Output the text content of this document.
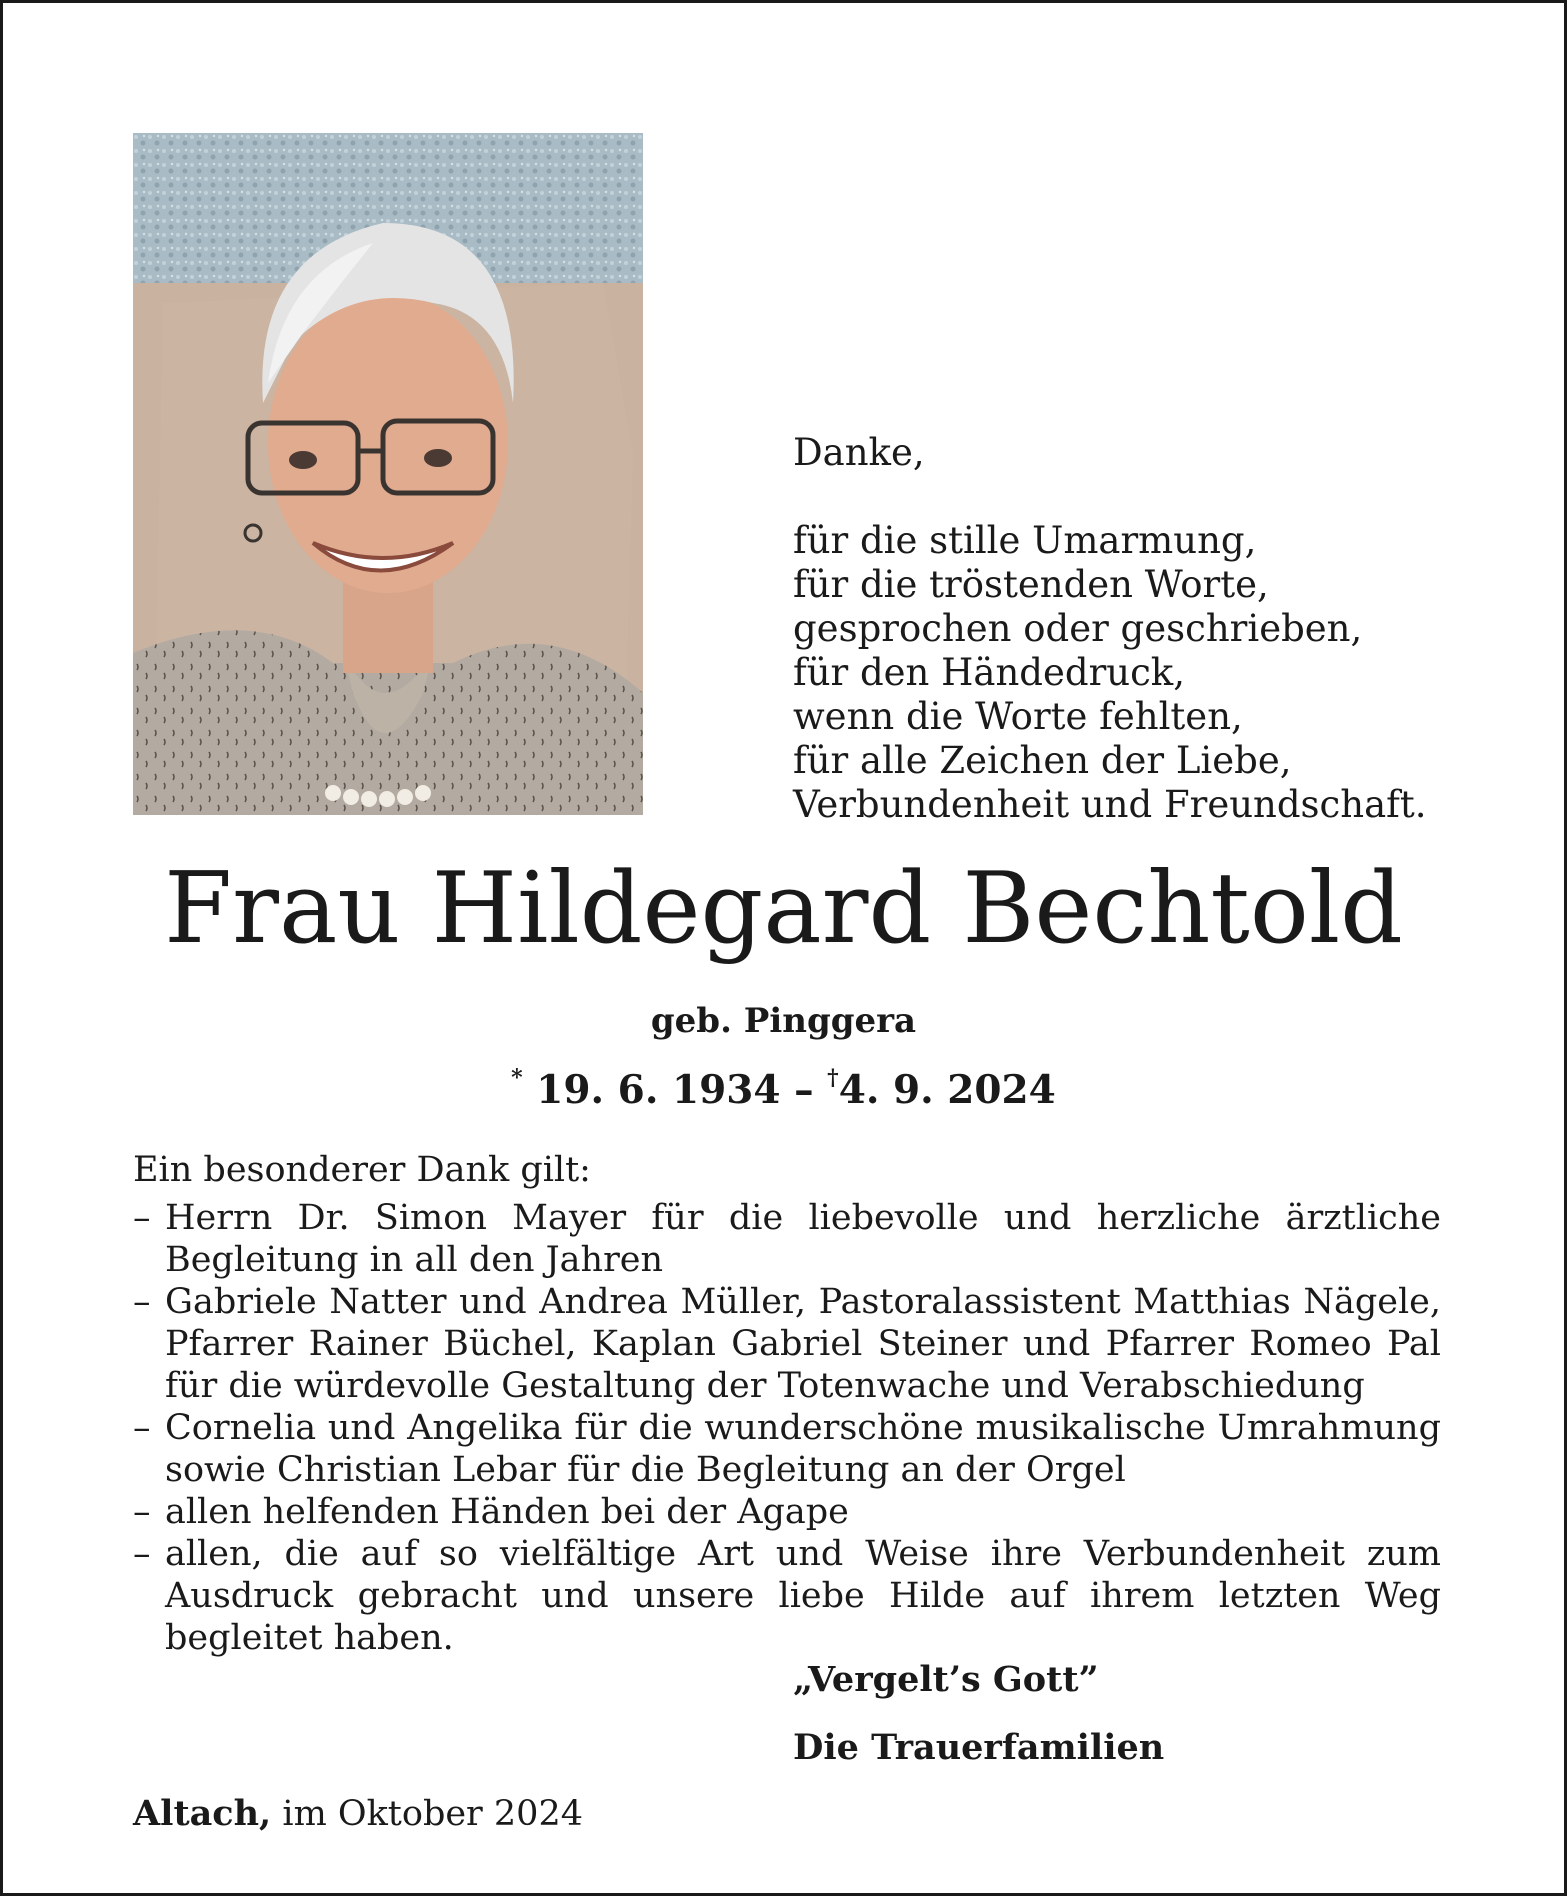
Danke,
für die stille Umarmung,
für die tröstenden Worte,
gesprochen oder geschrieben,
für den Händedruck,
wenn die Worte fehlten,
für alle Zeichen der Liebe,
Verbundenheit und Freundschaft.
Frau Hildegard Bechtold
geb. Pinggera
* 19. 6. 1934 – †4. 9. 2024
Ein besonderer Dank gilt:
– Herrn Dr. Simon Mayer für die liebevolle und herzliche ärztliche Begleitung in all den Jahren
– Gabriele Natter und Andrea Müller, Pastoralassistent Matthias Nägele, Pfarrer Rainer Büchel, Kaplan Gabriel Steiner und Pfarrer Romeo Pal für die würdevolle Gestaltung der Totenwache und Verabschiedung
– Cornelia und Angelika für die wunderschöne musikalische Umrahmung sowie Christian Lebar für die Begleitung an der Orgel
– allen helfenden Händen bei der Agape
– allen, die auf so vielfältige Art und Weise ihre Verbundenheit zum Ausdruck gebracht und unsere liebe Hilde auf ihrem letzten Weg begleitet haben.
„Vergelt’s Gott”
Die Trauerfamilien
Altach, im Oktober 2024
